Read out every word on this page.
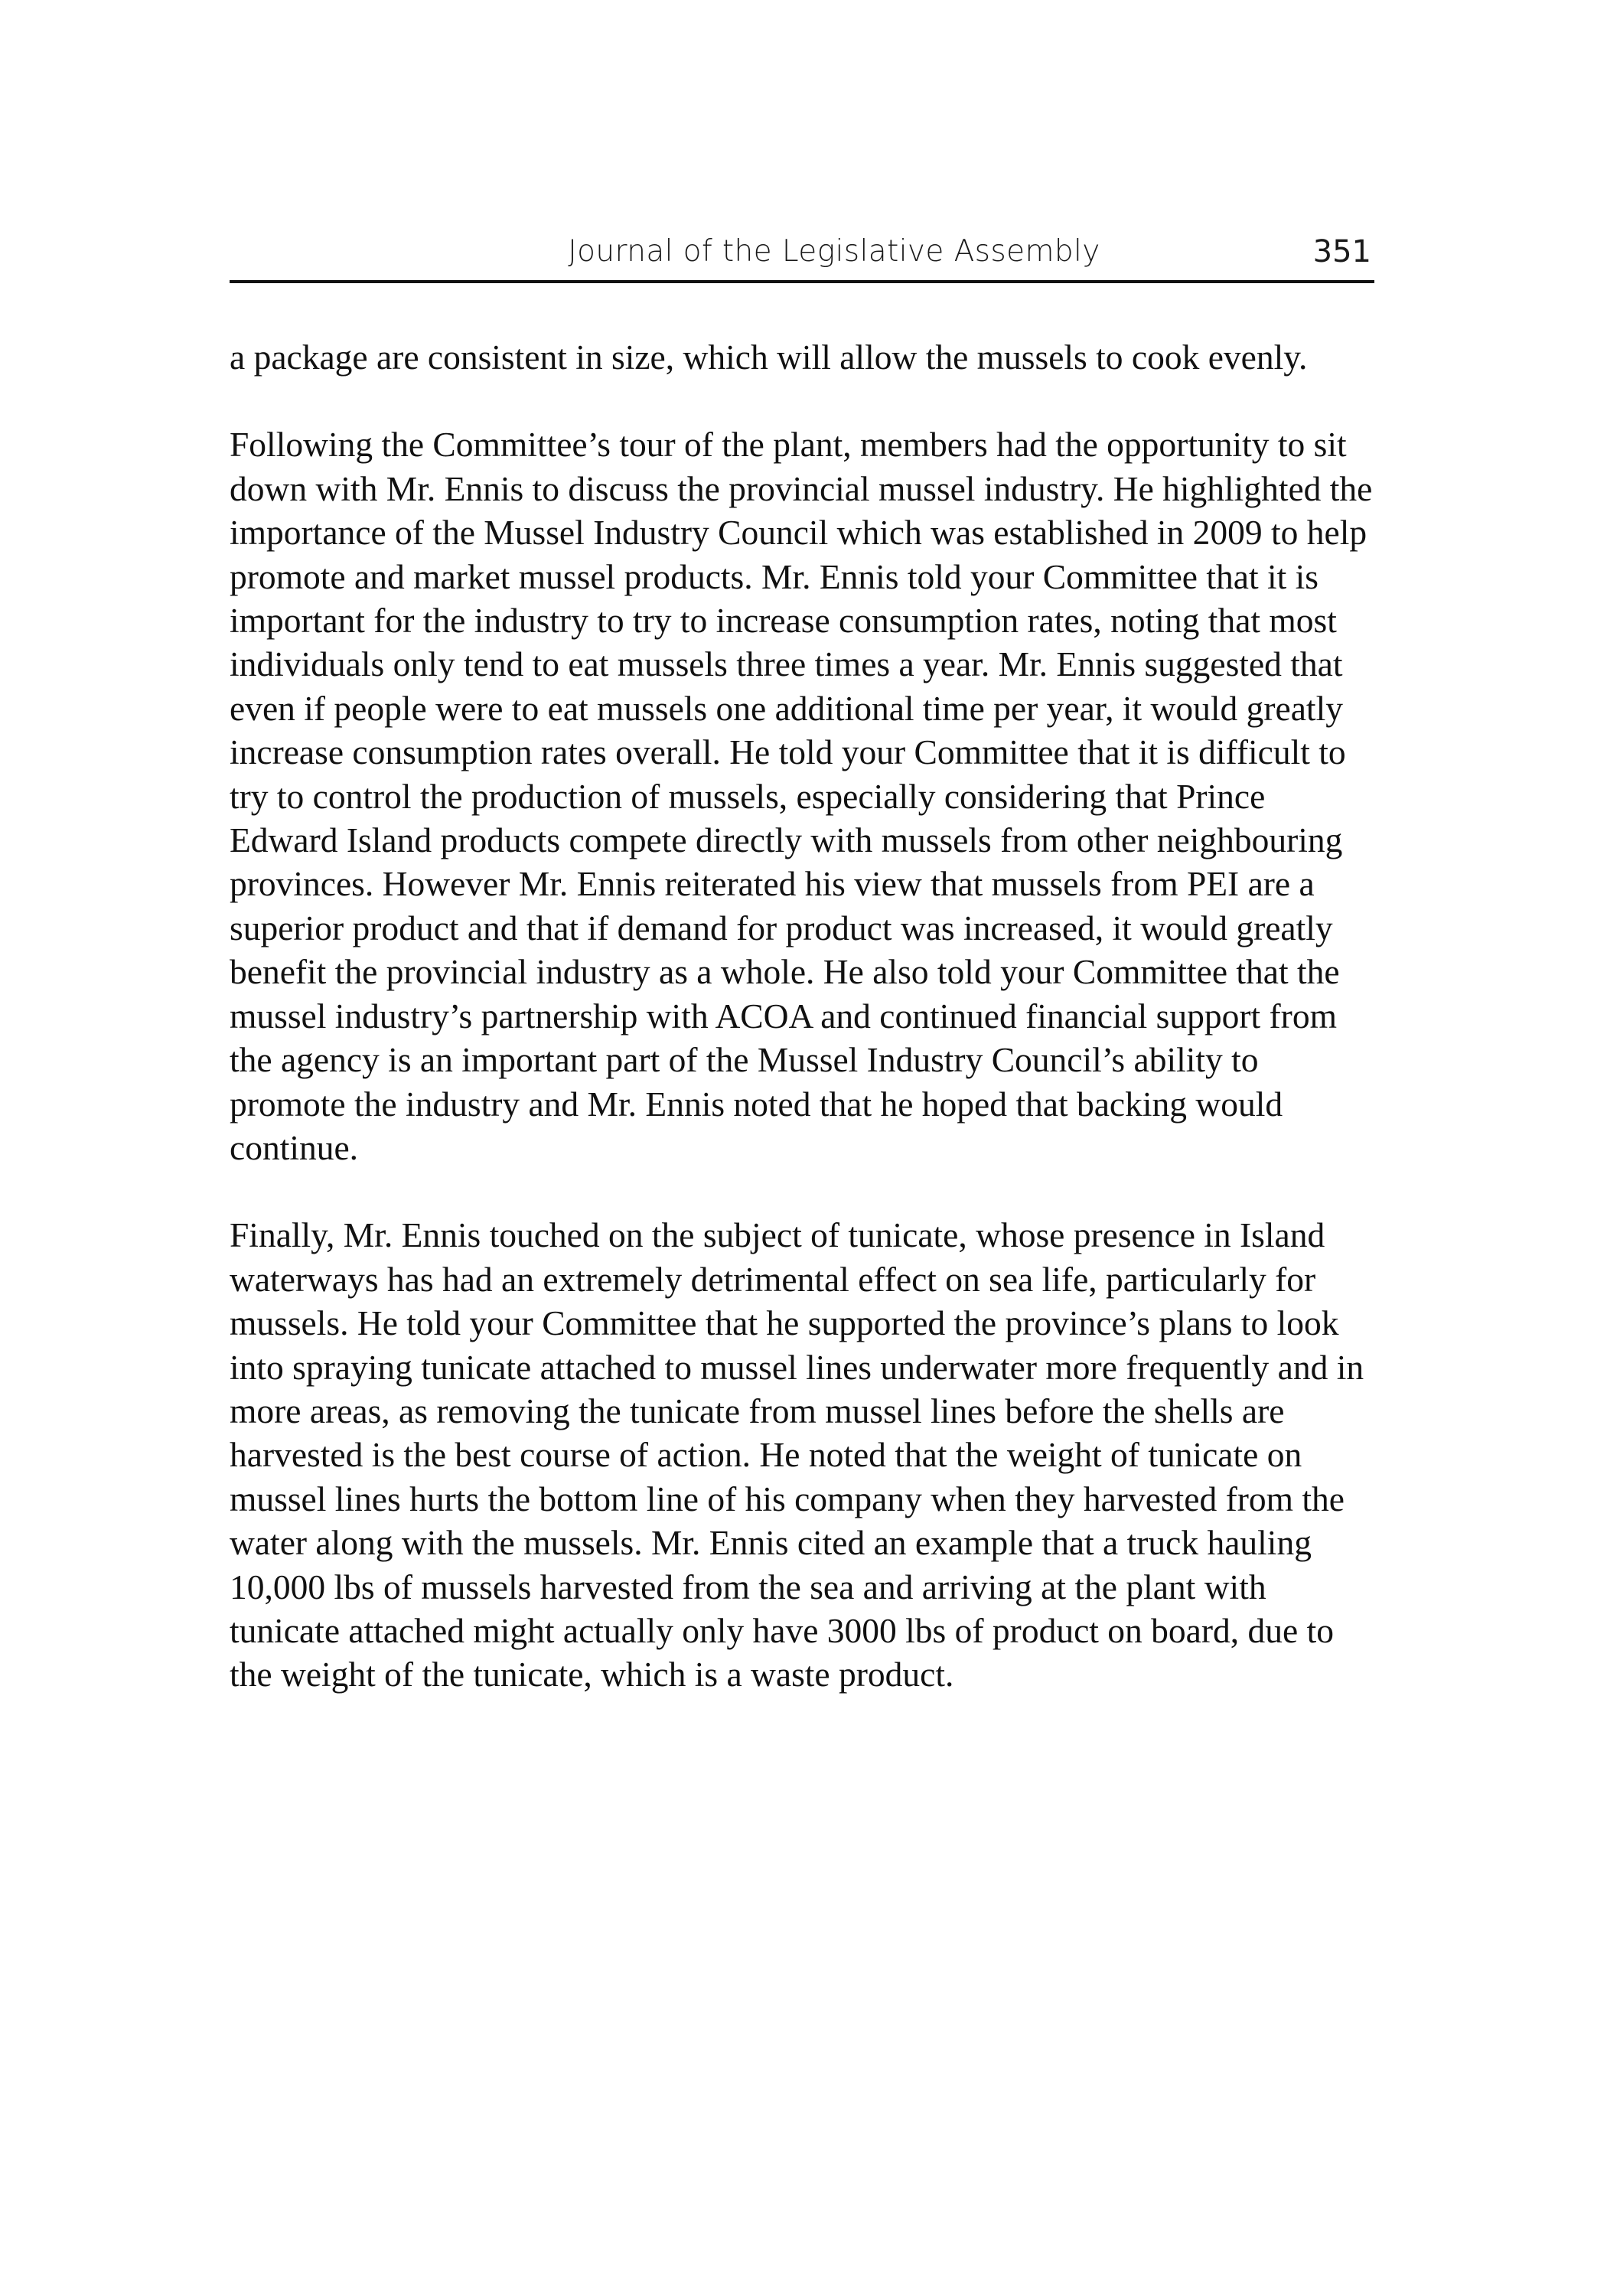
Journal of the Legislative Assembly	351

a package are consistent in size, which will allow the mussels to cook evenly.

Following the Committee’s tour of the plant, members had the opportunity to sit down with Mr. Ennis to discuss the provincial mussel industry. He highlighted the importance of the Mussel Industry Council which was established in 2009 to help promote and market mussel products. Mr. Ennis told your Committee that it is important for the industry to try to increase consumption rates, noting that most individuals only tend to eat mussels three times a year. Mr. Ennis suggested that even if people were to eat mussels one additional time per year, it would greatly increase consumption rates overall. He told your Committee that it is difficult to try to control the production of mussels, especially considering that Prince Edward Island products compete directly with mussels from other neighbouring provinces. However Mr. Ennis reiterated his view that mussels from PEI are a superior product and that if demand for product was increased, it would greatly benefit the provincial industry as a whole. He also told your Committee that the mussel industry’s partnership with ACOA and continued financial support from the agency is an important part of the Mussel Industry Council’s ability to promote the industry and Mr. Ennis noted that he hoped that backing would continue.

Finally, Mr. Ennis touched on the subject of tunicate, whose presence in Island waterways has had an extremely detrimental effect on sea life, particularly for mussels. He told your Committee that he supported the province’s plans to look into spraying tunicate attached to mussel lines underwater more frequently and in more areas, as removing the tunicate from mussel lines before the shells are harvested is the best course of action. He noted that the weight of tunicate on mussel lines hurts the bottom line of his company when they harvested from the water along with the mussels. Mr. Ennis cited an example that a truck hauling 10,000 lbs of mussels harvested from the sea and arriving at the plant with tunicate attached might actually only have 3000 lbs of product on board, due to the weight of the tunicate, which is a waste product.
